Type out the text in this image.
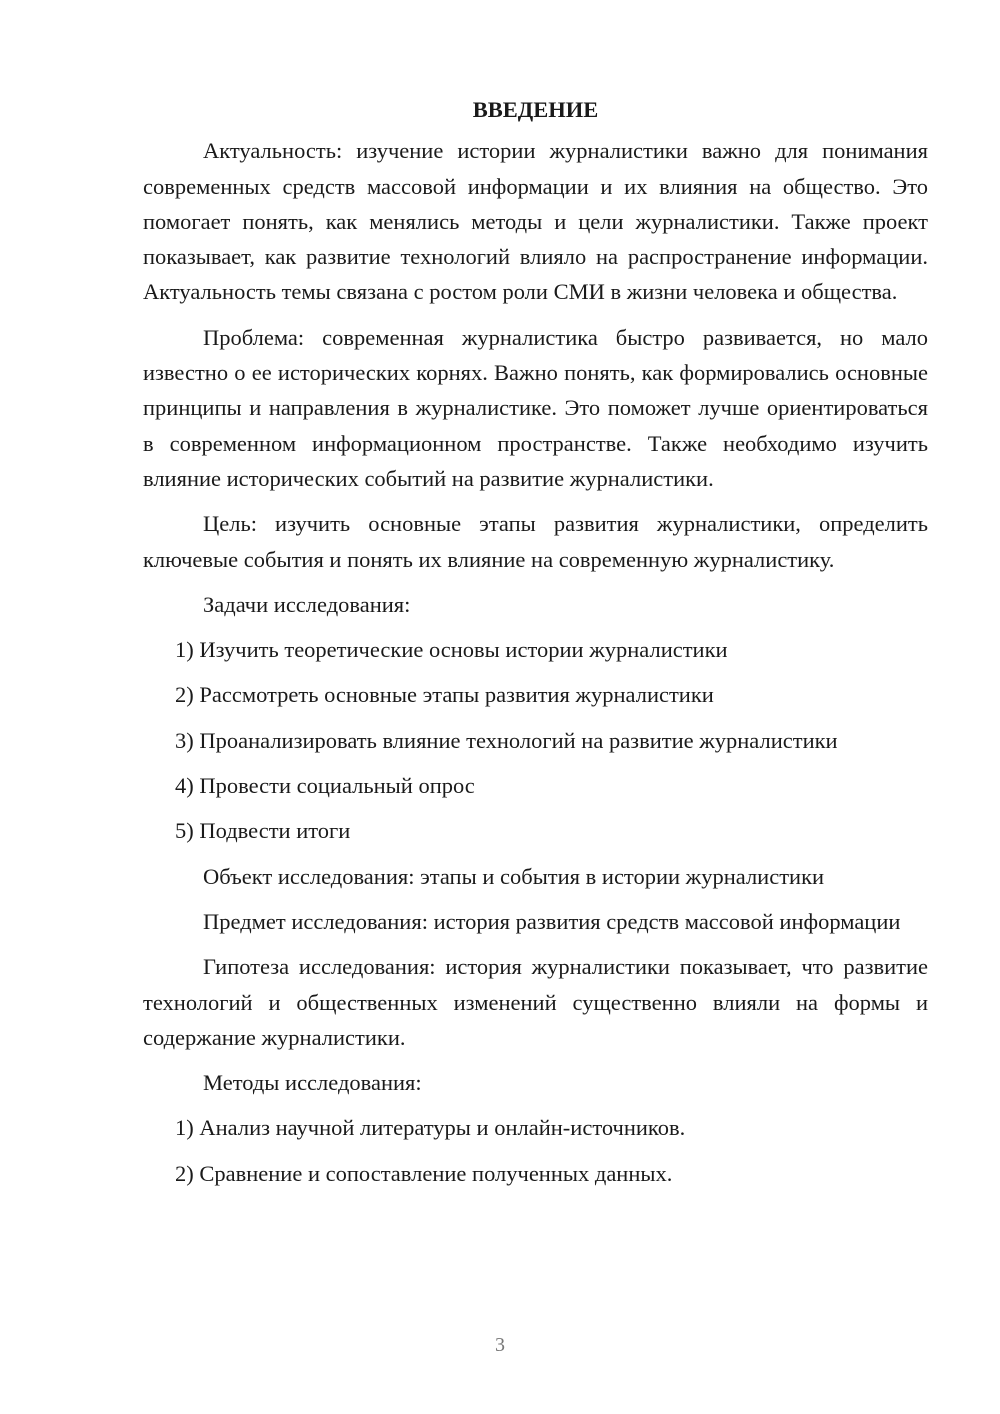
ВВЕДЕНИЕ

Актуальность: изучение истории журналистики важно для понимания современных средств массовой информации и их влияния на общество. Это помогает понять, как менялись методы и цели журналистики. Также проект показывает, как развитие технологий влияло на распространение информации. Актуальность темы связана с ростом роли СМИ в жизни человека и общества.

Проблема: современная журналистика быстро развивается, но мало известно о ее исторических корнях. Важно понять, как формировались основные принципы и направления в журналистике. Это поможет лучше ориентироваться в современном информационном пространстве. Также необходимо изучить влияние исторических событий на развитие журналистики.

Цель: изучить основные этапы развития журналистики, определить ключевые события и понять их влияние на современную журналистику.

Задачи исследования:

1) Изучить теоретические основы истории журналистики

2) Рассмотреть основные этапы развития журналистики

3) Проанализировать влияние технологий на развитие журналистики

4) Провести социальный опрос

5) Подвести итоги

Объект исследования: этапы и события в истории журналистики

Предмет исследования: история развития средств массовой информации

Гипотеза исследования: история журналистики показывает, что развитие технологий и общественных изменений существенно влияли на формы и содержание журналистики.

Методы исследования:

1) Анализ научной литературы и онлайн-источников.

2) Сравнение и сопоставление полученных данных.

3
